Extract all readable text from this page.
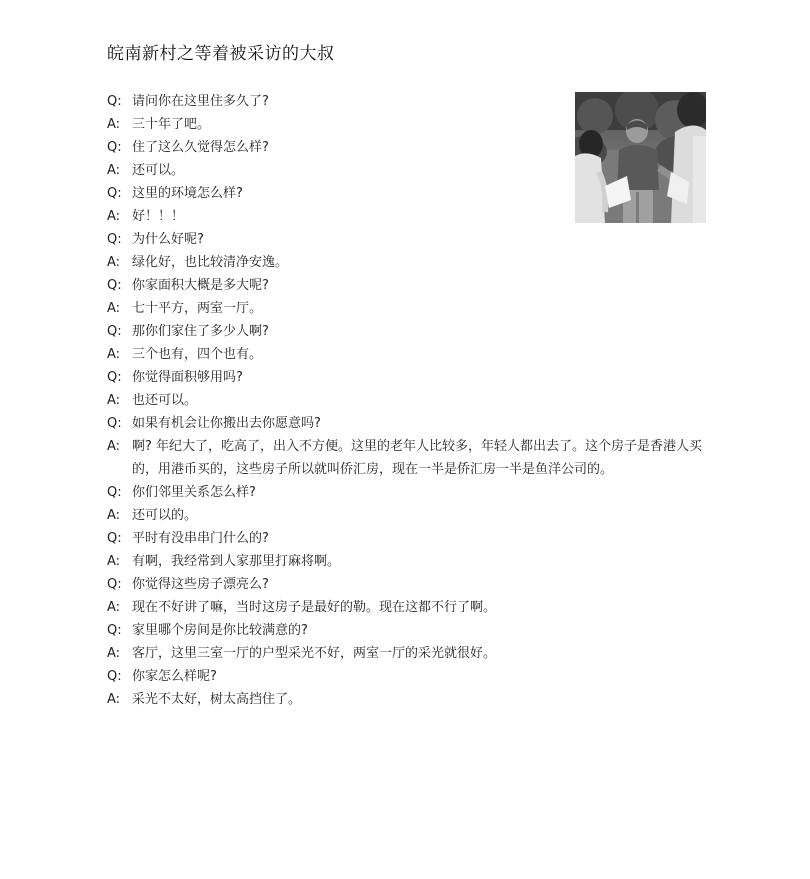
皖南新村之等着被采访的大叔
Q: 请问你在这里住多久了?
A: 三十年了吧。
Q: 住了这么久觉得怎么样?
A: 还可以。
Q: 这里的环境怎么样?
A: 好！！！
Q: 为什么好呢?
A: 绿化好，也比较清净安逸。
Q: 你家面积大概是多大呢?
A: 七十平方，两室一厅。
Q: 那你们家住了多少人啊?
A: 三个也有，四个也有。
Q: 你觉得面积够用吗?
A: 也还可以。
Q: 如果有机会让你搬出去你愿意吗?
A: 啊? 年纪大了，吃高了，出入不方便。这里的老年人比较多，年轻人都出去了。这个房子是香港人买的，用港币买的，这些房子所以就叫侨汇房，现在一半是侨汇房一半是鱼洋公司的。
Q: 你们邻里关系怎么样?
A: 还可以的。
Q: 平时有没串串门什么的?
A: 有啊，我经常到人家那里打麻将啊。
Q: 你觉得这些房子漂亮么?
A: 现在不好讲了嘛，当时这房子是最好的勒。现在这都不行了啊。
Q: 家里哪个房间是你比较满意的?
A: 客厅，这里三室一厅的户型采光不好，两室一厅的采光就很好。
Q: 你家怎么样呢?
A: 采光不太好，树太高挡住了。
